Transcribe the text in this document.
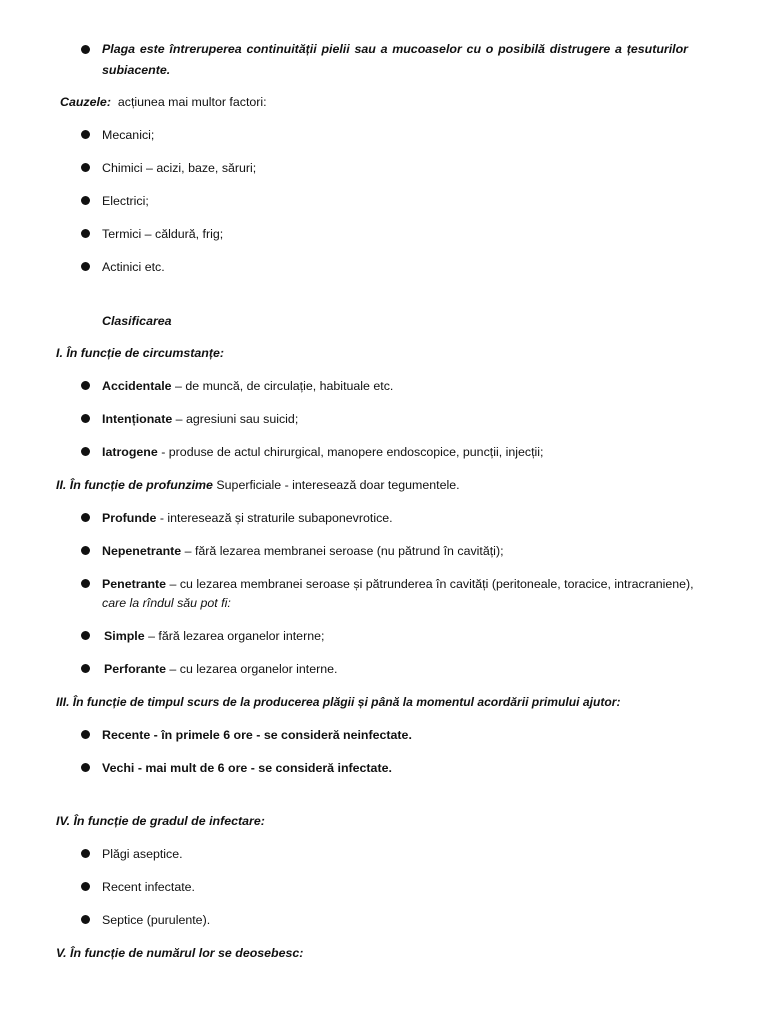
Plaga este întreruperea continuității pielii sau a mucoaselor cu o posibilă distrugere a țesuturilor
subiacente.
Cauzele: acțiunea mai multor factori:
Mecanici;
Chimici – acizi, baze, săruri;
Electrici;
Termici – căldură, frig;
Actinici etc.
Clasificarea
I. În funcție de circumstanțe:
Accidentale – de muncă, de circulație, habituale etc.
Intenționate – agresiuni sau suicid;
Iatrogene - produse de actul chirurgical, manopere endoscopice, puncții, injecții;
II. În funcție de profunzime Superficiale - interesează doar tegumentele.
Profunde - interesează și straturile subaponevrotice.
Nepenetrante – fără lezarea membranei seroase (nu pătrund în cavități);
Penetrante – cu lezarea membranei seroase și pătrunderea în cavități (peritoneale, toracice, intracraniene),
care la rîndul său pot fi:
Simple – fără lezarea organelor interne;
Perforante – cu lezarea organelor interne.
III. În funcție de timpul scurs de la producerea plăgii și până la momentul acordării primului ajutor:
Recente - în primele 6 ore - se consideră neinfectate.
Vechi - mai mult de 6 ore - se consideră infectate.
IV. În funcție de gradul de infectare:
Plăgi aseptice.
Recent infectate.
Septice (purulente).
V. În funcție de numărul lor se deosebesc:
